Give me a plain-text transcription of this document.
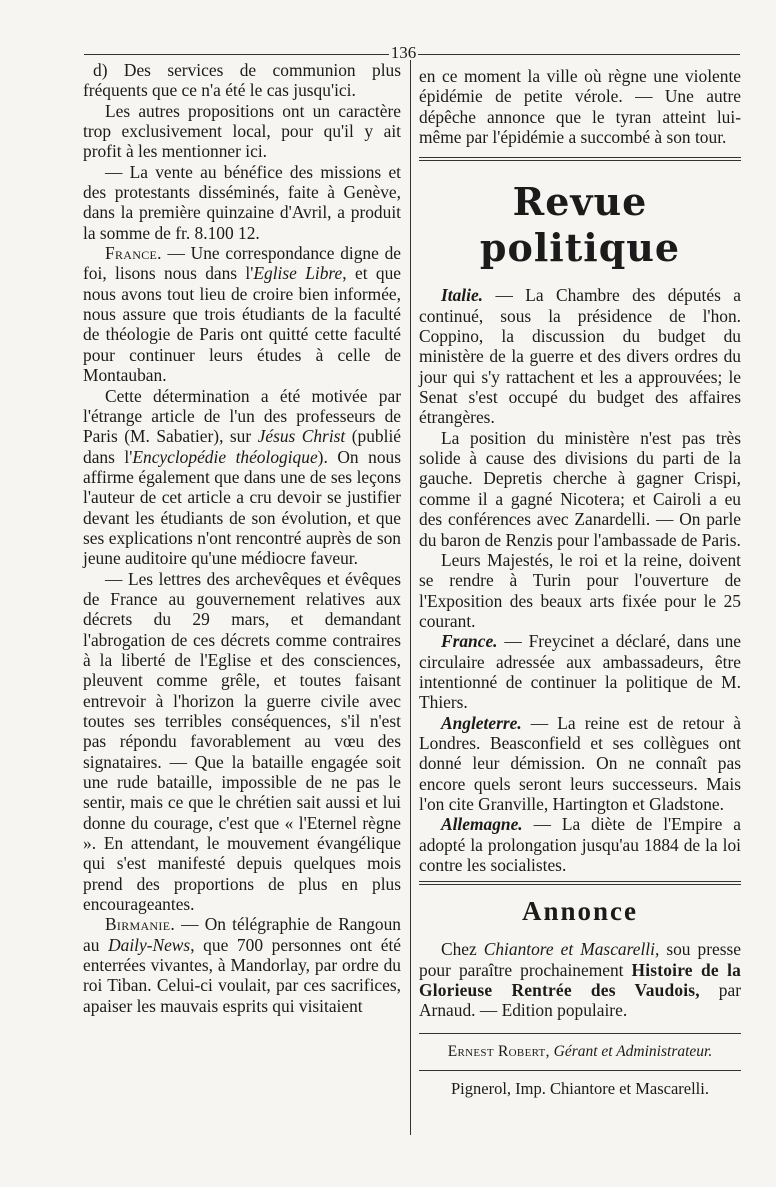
136

d) Des services de communion plus fréquents que ce n'a été le cas jusqu'ici.

Les autres propositions ont un caractère trop exclusivement local, pour qu'il y ait profit à les mentionner ici.

— La vente au bénéfice des missions et des protestants disséminés, faite à Genève, dans la première quinzaine d'Avril, a produit la somme de fr. 8.100 12.

France. — Une correspondance digne de foi, lisons nous dans l'Eglise Libre, et que nous avons tout lieu de croire bien informée, nous assure que trois étudiants de la faculté de théologie de Paris ont quitté cette faculté pour continuer leurs études à celle de Montauban.

Cette détermination a été motivée par l'étrange article de l'un des professeurs de Paris (M. Sabatier), sur Jésus Christ (publié dans l'Encyclopédie théologique). On nous affirme également que dans une de ses leçons l'auteur de cet article a cru devoir se justifier devant les étudiants de son évolution, et que ses explications n'ont rencontré auprès de son jeune auditoire qu'une médiocre faveur.

— Les lettres des archevêques et évêques de France au gouvernement relatives aux décrets du 29 mars, et demandant l'abrogation de ces décrets comme contraires à la liberté de l'Eglise et des consciences, pleuvent comme grêle, et toutes faisant entrevoir à l'horizon la guerre civile avec toutes ses terribles conséquences, s'il n'est pas répondu favorablement au vœu des signataires. — Que la bataille engagée soit une rude bataille, impossible de ne pas le sentir, mais ce que le chrétien sait aussi et lui donne du courage, c'est que « l'Eternel règne ». En attendant, le mouvement évangélique qui s'est manifesté depuis quelques mois prend des proportions de plus en plus encourageantes.

Birmanie. — On télégraphie de Rangoun au Daily-News, que 700 personnes ont été enterrées vivantes, à Mandorlay, par ordre du roi Tiban. Celui-ci voulait, par ces sacrifices, apaiser les mauvais esprits qui visitaient

en ce moment la ville où règne une violente épidémie de petite vérole. — Une autre dépêche annonce que le tyran atteint lui-même par l'épidémie a succombé à son tour.

Revue politique

Italie. — La Chambre des députés a continué, sous la présidence de l'hon. Coppino, la discussion du budget du ministère de la guerre et des divers ordres du jour qui s'y rattachent et les a approuvées; le Senat s'est occupé du budget des affaires étrangères.

La position du ministère n'est pas très solide à cause des divisions du parti de la gauche. Depretis cherche à gagner Crispi, comme il a gagné Nicotera; et Cairoli a eu des conférences avec Zanardelli. — On parle du baron de Renzis pour l'ambassade de Paris.

Leurs Majestés, le roi et la reine, doivent se rendre à Turin pour l'ouverture de l'Exposition des beaux arts fixée pour le 25 courant.

France. — Freycinet a déclaré, dans une circulaire adressée aux ambassadeurs, être intentionné de continuer la politique de M. Thiers.

Angleterre. — La reine est de retour à Londres. Beasconfield et ses collègues ont donné leur démission. On ne connaît pas encore quels seront leurs successeurs. Mais l'on cite Granville, Hartington et Gladstone.

Allemagne. — La diète de l'Empire a adopté la prolongation jusqu'au 1884 de la loi contre les socialistes.

Annonce

Chez Chiantore et Mascarelli, sou presse pour paraître prochainement Histoire de la Glorieuse Rentrée des Vaudois, par Arnaud. — Edition populaire.

Ernest Robert, Gérant et Administrateur.
Pignerol, Imp. Chiantore et Mascarelli.
